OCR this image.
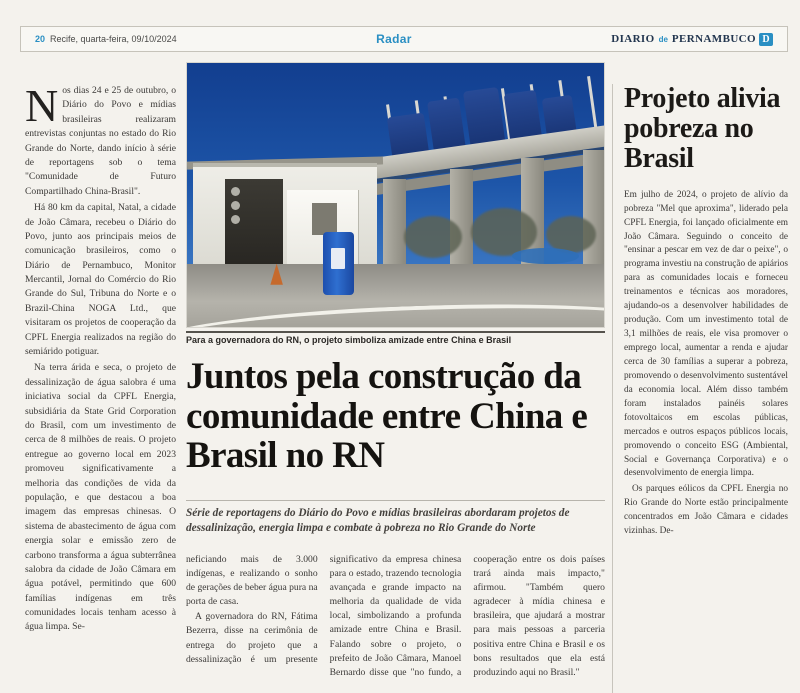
20 Recife, quarta-feira, 09/10/2024	Radar	DIARIO de PERNAMBUCO D

Nos dias 24 e 25 de outubro, o Diário do Povo e mídias brasileiras realizaram entrevistas conjuntas no estado do Rio Grande do Norte, dando início à série de reportagens sob o tema "Comunidade de Futuro Compartilhado China-Brasil".

Há 80 km da capital, Natal, a cidade de João Câmara, recebeu o Diário do Povo, junto aos principais meios de comunicação brasileiros, como o Diário de Pernambuco, Monitor Mercantil, Jornal do Comércio do Rio Grande do Sul, Tribuna do Norte e o Brazil-China NOGA Ltd., que visitaram os projetos de cooperação da CPFL Energia realizados na região do semiárido potiguar.

Na terra árida e seca, o projeto de dessalinização de água salobra é uma iniciativa social da CPFL Energia, subsidiária da State Grid Corporation do Brasil, com um investimento de cerca de 8 milhões de reais. O projeto entregue ao governo local em 2023 promoveu significativamente a melhoria das condições de vida da população, e que destacou a boa imagem das empresas chinesas. O sistema de abastecimento de água com energia solar e emissão zero de carbono transforma a água subterrânea salobra da cidade de João Câmara em água potável, permitindo que 600 famílias indígenas em três comunidades locais tenham acesso à água limpa. Se-

Para a governadora do RN, o projeto simboliza amizade entre China e Brasil
Juntos pela construção da comunidade entre China e Brasil no RN
Série de reportagens do Diário do Povo e mídias brasileiras abordaram projetos de dessalinização, energia limpa e combate à pobreza no Rio Grande do Norte

neficiando mais de 3.000 indígenas, e realizando o sonho de gerações de beber água pura na porta de casa.

A governadora do RN, Fátima Bezerra, disse na cerimônia de entrega do projeto que a dessalinização é um presente significativo da empresa chinesa para o estado, trazendo tecnologia avançada e grande impacto na melhoria da qualidade de vida local, simbolizando a profunda amizade entre China e Brasil. Falando sobre o projeto, o prefeito de João Câmara, Manoel Bernardo disse que "no fundo, a cooperação entre os dois países trará ainda mais impacto," afirmou. "Também quero agradecer à mídia chinesa e brasileira, que ajudará a mostrar para mais pessoas a parceria positiva entre China e Brasil e os bons resultados que ela está produzindo aqui no Brasil."

Projeto alivia pobreza no Brasil

Em julho de 2024, o projeto de alívio da pobreza "Mel que aproxima", liderado pela CPFL Energia, foi lançado oficialmente em João Câmara. Seguindo o conceito de "ensinar a pescar em vez de dar o peixe", o programa investiu na construção de apiários para as comunidades locais e forneceu treinamentos e técnicas aos moradores, ajudando-os a desenvolver habilidades de produção. Com um investimento total de 3,1 milhões de reais, ele visa promover o emprego local, aumentar a renda e ajudar cerca de 30 famílias a superar a pobreza, promovendo o desenvolvimento sustentável da economia local. Além disso também foram instalados painéis solares fotovoltaicos em escolas públicas, mercados e outros espaços públicos locais, promovendo o conceito ESG (Ambiental, Social e Governança Corporativa) e o desenvolvimento de energia limpa.

Os parques eólicos da CPFL Energia no Rio Grande do Norte estão principalmente concentrados em João Câmara e cidades vizinhas. De-
